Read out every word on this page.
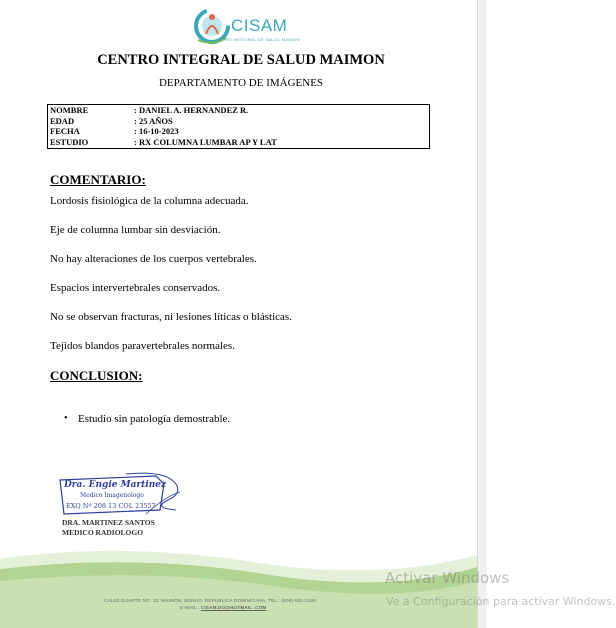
CISAM
CENTRO INTEGRAL DE SALUD MAIMON
CENTRO INTEGRAL DE SALUD MAIMON
DEPARTAMENTO DE IMÁGENES
NOMBRE	: DANIEL A. HERNANDEZ R.
EDAD	: 25 AÑOS
FECHA	: 16-10-2023
ESTUDIO	: RX COLUMNA LUMBAR AP Y LAT
COMENTARIO:
Lordosis fisiológica de la columna adecuada.
Eje de columna lumbar sin desviación.
No hay alteraciones de los cuerpos vertebrales.
Espacios intervertebrales conservados.
No se observan fracturas, ni lesiones líticas o blásticas.
Tejidos blandos paravertebrales normales.
CONCLUSION:
• Estudio sin patología demostrable.
Dra. Engie Martinez
Medico Imagenologo
EXQ Nº 208 13 COL 23557
DRA. MARTINEZ SANTOS
MEDICO RADIOLOGO
CALLE DUARTE NO. 13, MAIMÓN, BONAO, REPUBLICA DOMINICANA, TEL.: (809)-551-2186
E-MAIL : CISAM.DO@HOTMAIL .COM
Activar Windows
Ve a Configuración para activar Windows.
